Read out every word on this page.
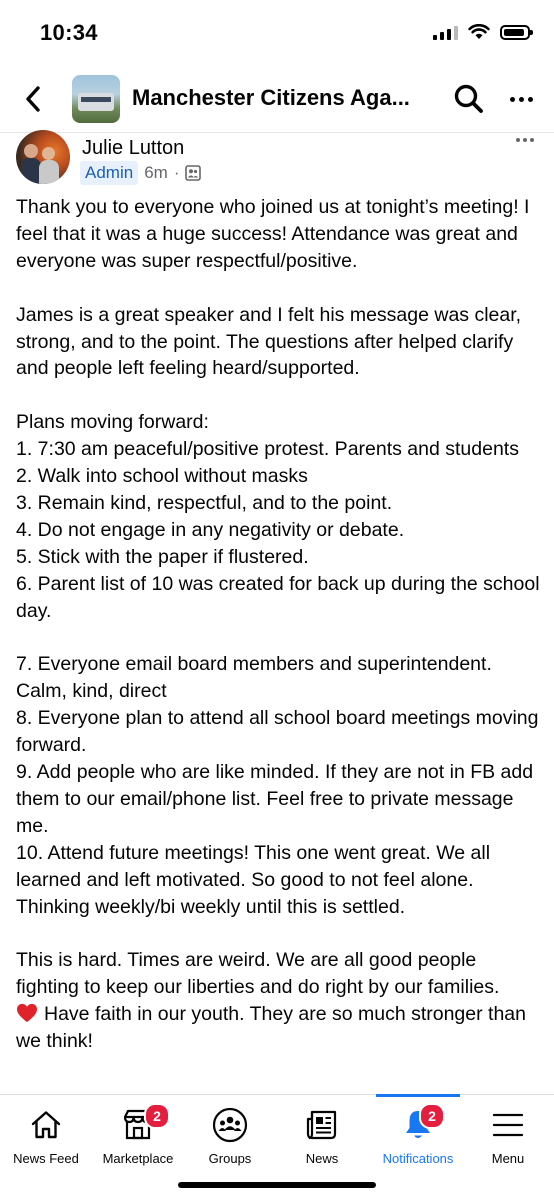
10:34
Manchester Citizens Aga...
Julie Lutton
Admin 6m ·

Thank you to everyone who joined us at tonight’s meeting! I feel that it was a huge success! Attendance was great and everyone was super respectful/positive.

James is a great speaker and I felt his message was clear, strong, and to the point. The questions after helped clarify and people left feeling heard/supported.

Plans moving forward:

1. 7:30 am peaceful/positive protest. Parents and students

2. Walk into school without masks

3. Remain kind, respectful, and to the point.

4. Do not engage in any negativity or debate.

5. Stick with the paper if flustered.

6. Parent list of 10 was created for back up during the school day.

7. Everyone email board members and superintendent. Calm, kind, direct

8. Everyone plan to attend all school board meetings moving forward.

9. Add people who are like minded. If they are not in FB add them to our email/phone list. Feel free to private message me.

10. Attend future meetings! This one went great. We all learned and left motivated. So good to not feel alone. Thinking weekly/bi weekly until this is settled.

This is hard. Times are weird. We are all good people fighting to keep our liberties and do right by our families.

Have faith in our youth. They are so much stronger than we think!

News Feed
2
Marketplace	Groups	News
2
Notifications	Menu
